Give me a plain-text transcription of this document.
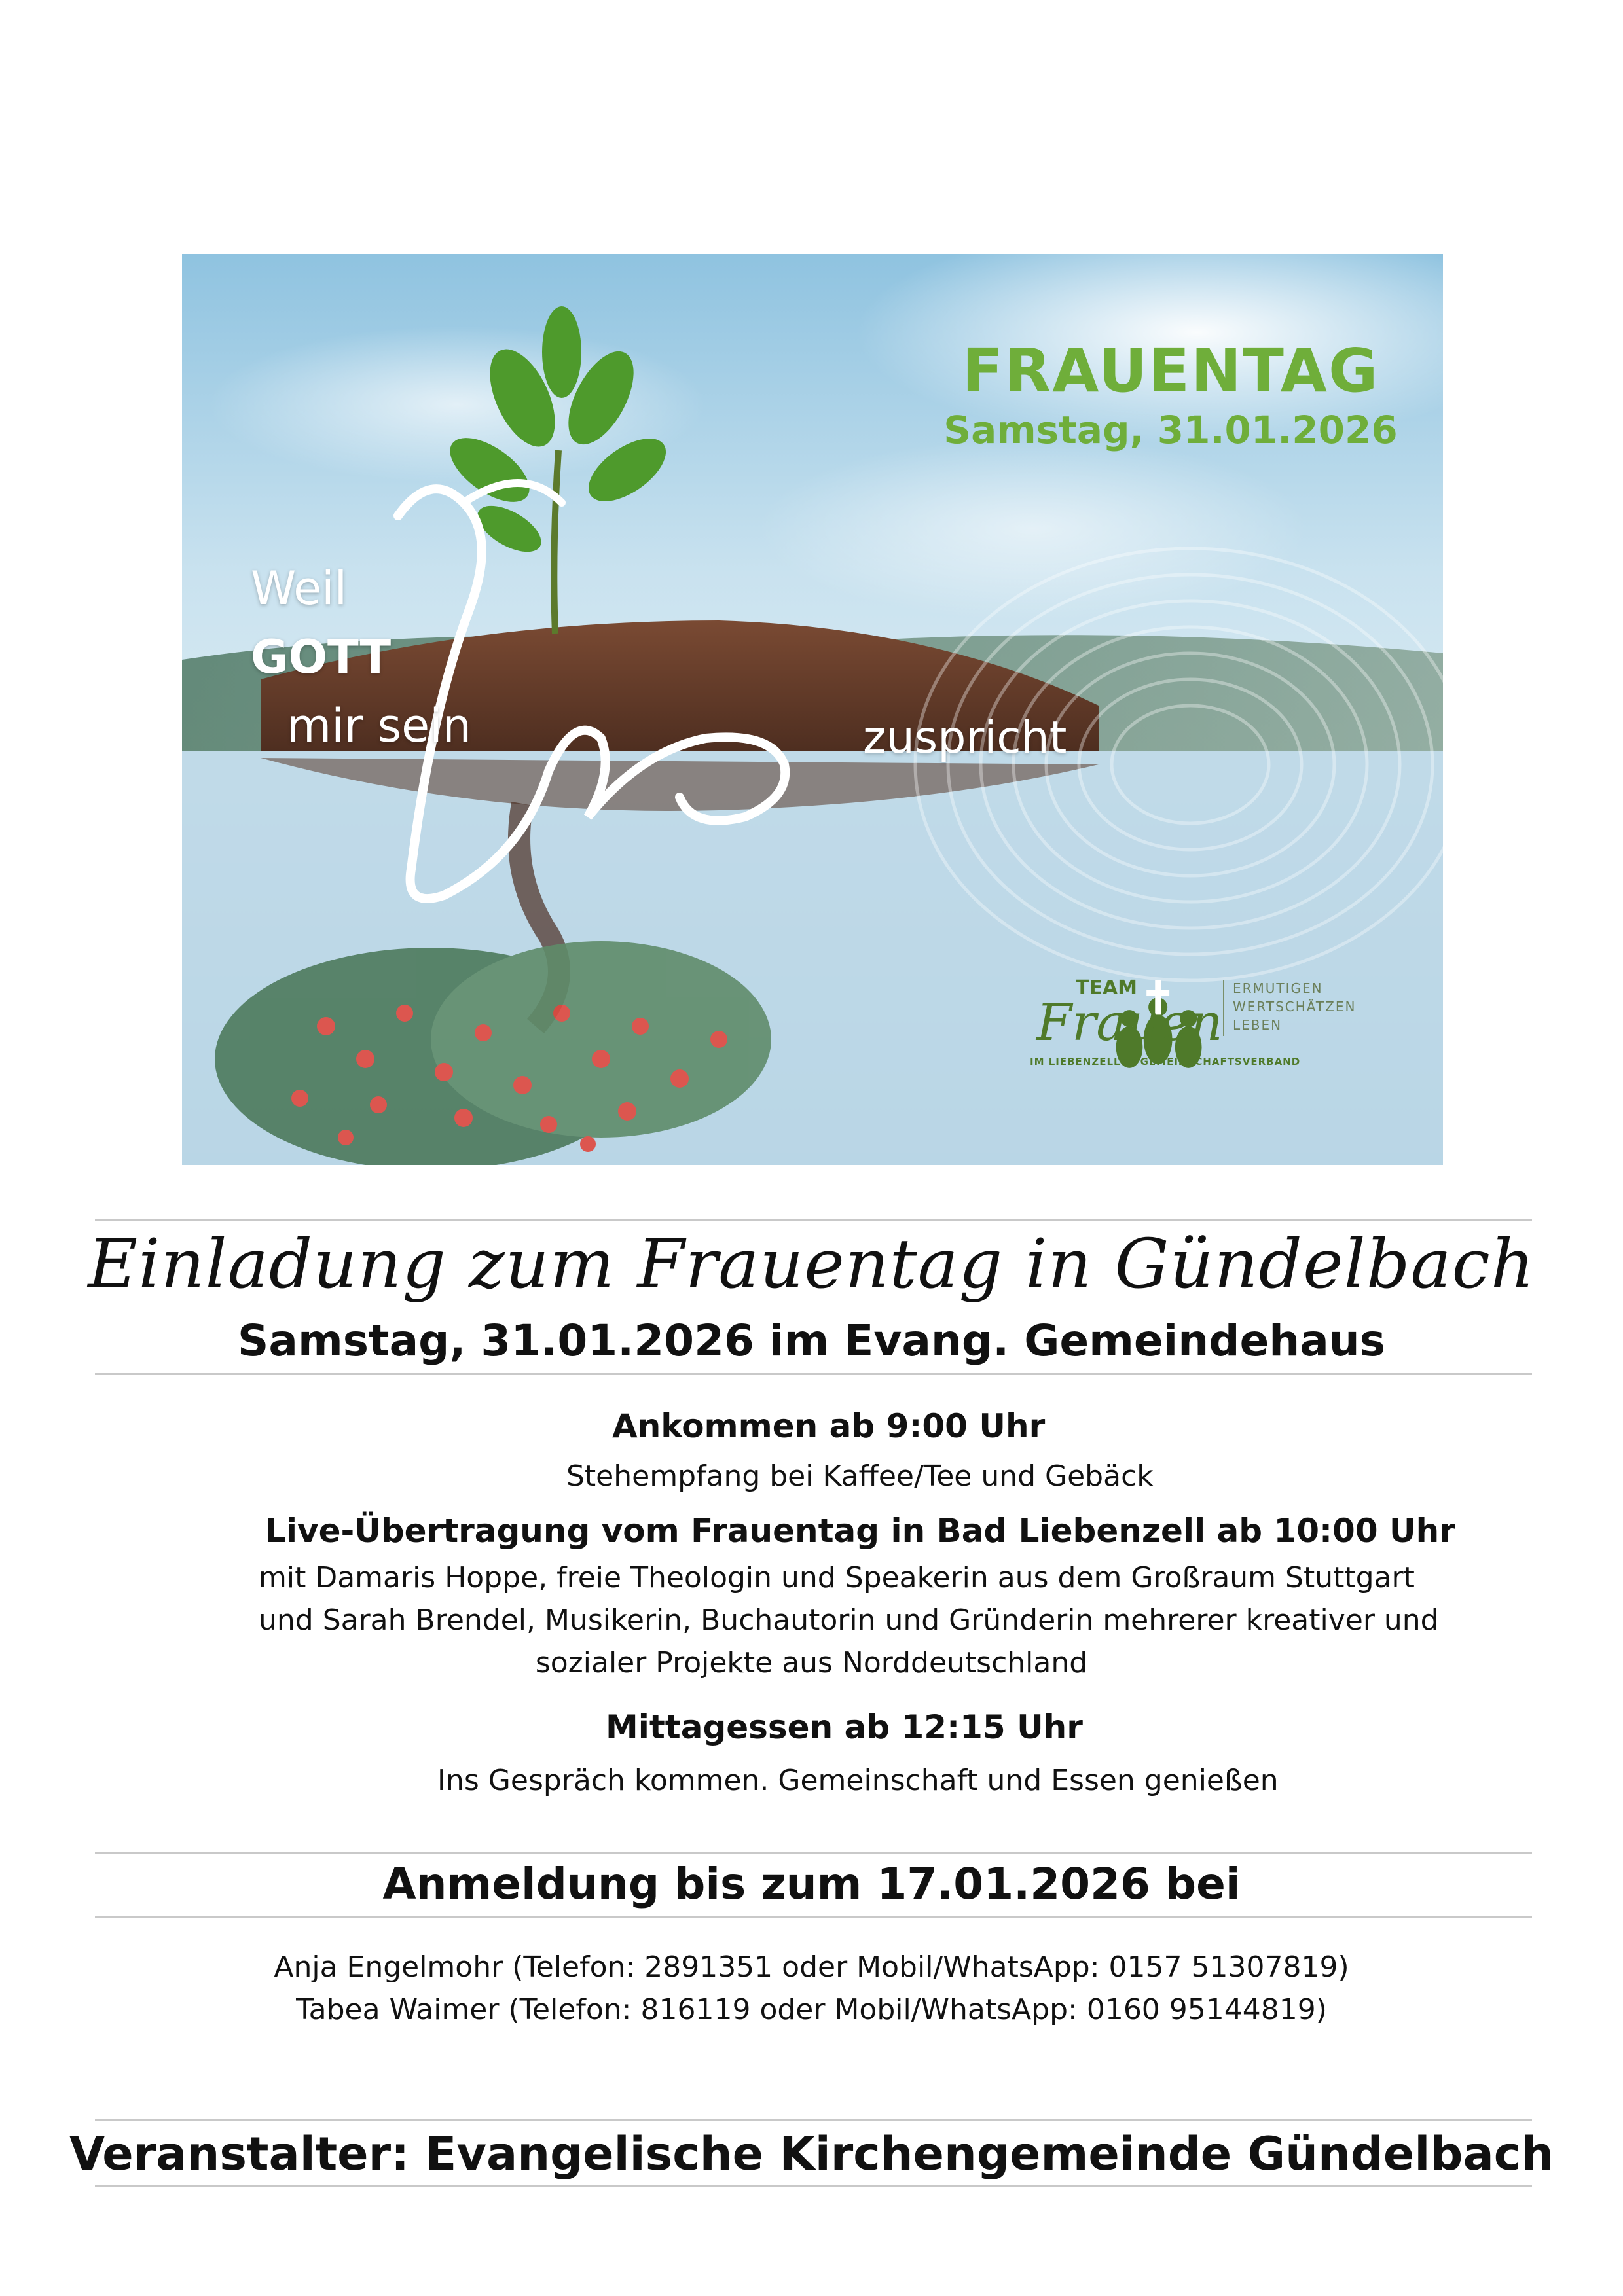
FRAUENTAG
Samstag, 31.01.2026
Weil
GOTT
mir sein	zuspricht
TEAM
Frauen
ERMUTIGEN
WERTSCHÄTZEN
LEBEN
IM LIEBENZELLER GEMEINSCHAFTSVERBAND
Einladung zum Frauentag in Gündelbach
Samstag, 31.01.2026 im Evang. Gemeindehaus
Ankommen ab 9:00 Uhr
Stehempfang bei Kaffee/Tee und Gebäck
Live-Übertragung vom Frauentag in Bad Liebenzell ab 10:00 Uhr
mit Damaris Hoppe, freie Theologin und Speakerin aus dem Großraum Stuttgart
und Sarah Brendel, Musikerin, Buchautorin und Gründerin mehrerer kreativer und
sozialer Projekte aus Norddeutschland
Mittagessen ab 12:15 Uhr
Ins Gespräch kommen. Gemeinschaft und Essen genießen
Anmeldung bis zum 17.01.2026 bei
Anja Engelmohr (Telefon: 2891351 oder Mobil/WhatsApp: 0157 51307819)
Tabea Waimer (Telefon: 816119 oder Mobil/WhatsApp: 0160 95144819)
Veranstalter: Evangelische Kirchengemeinde Gündelbach
